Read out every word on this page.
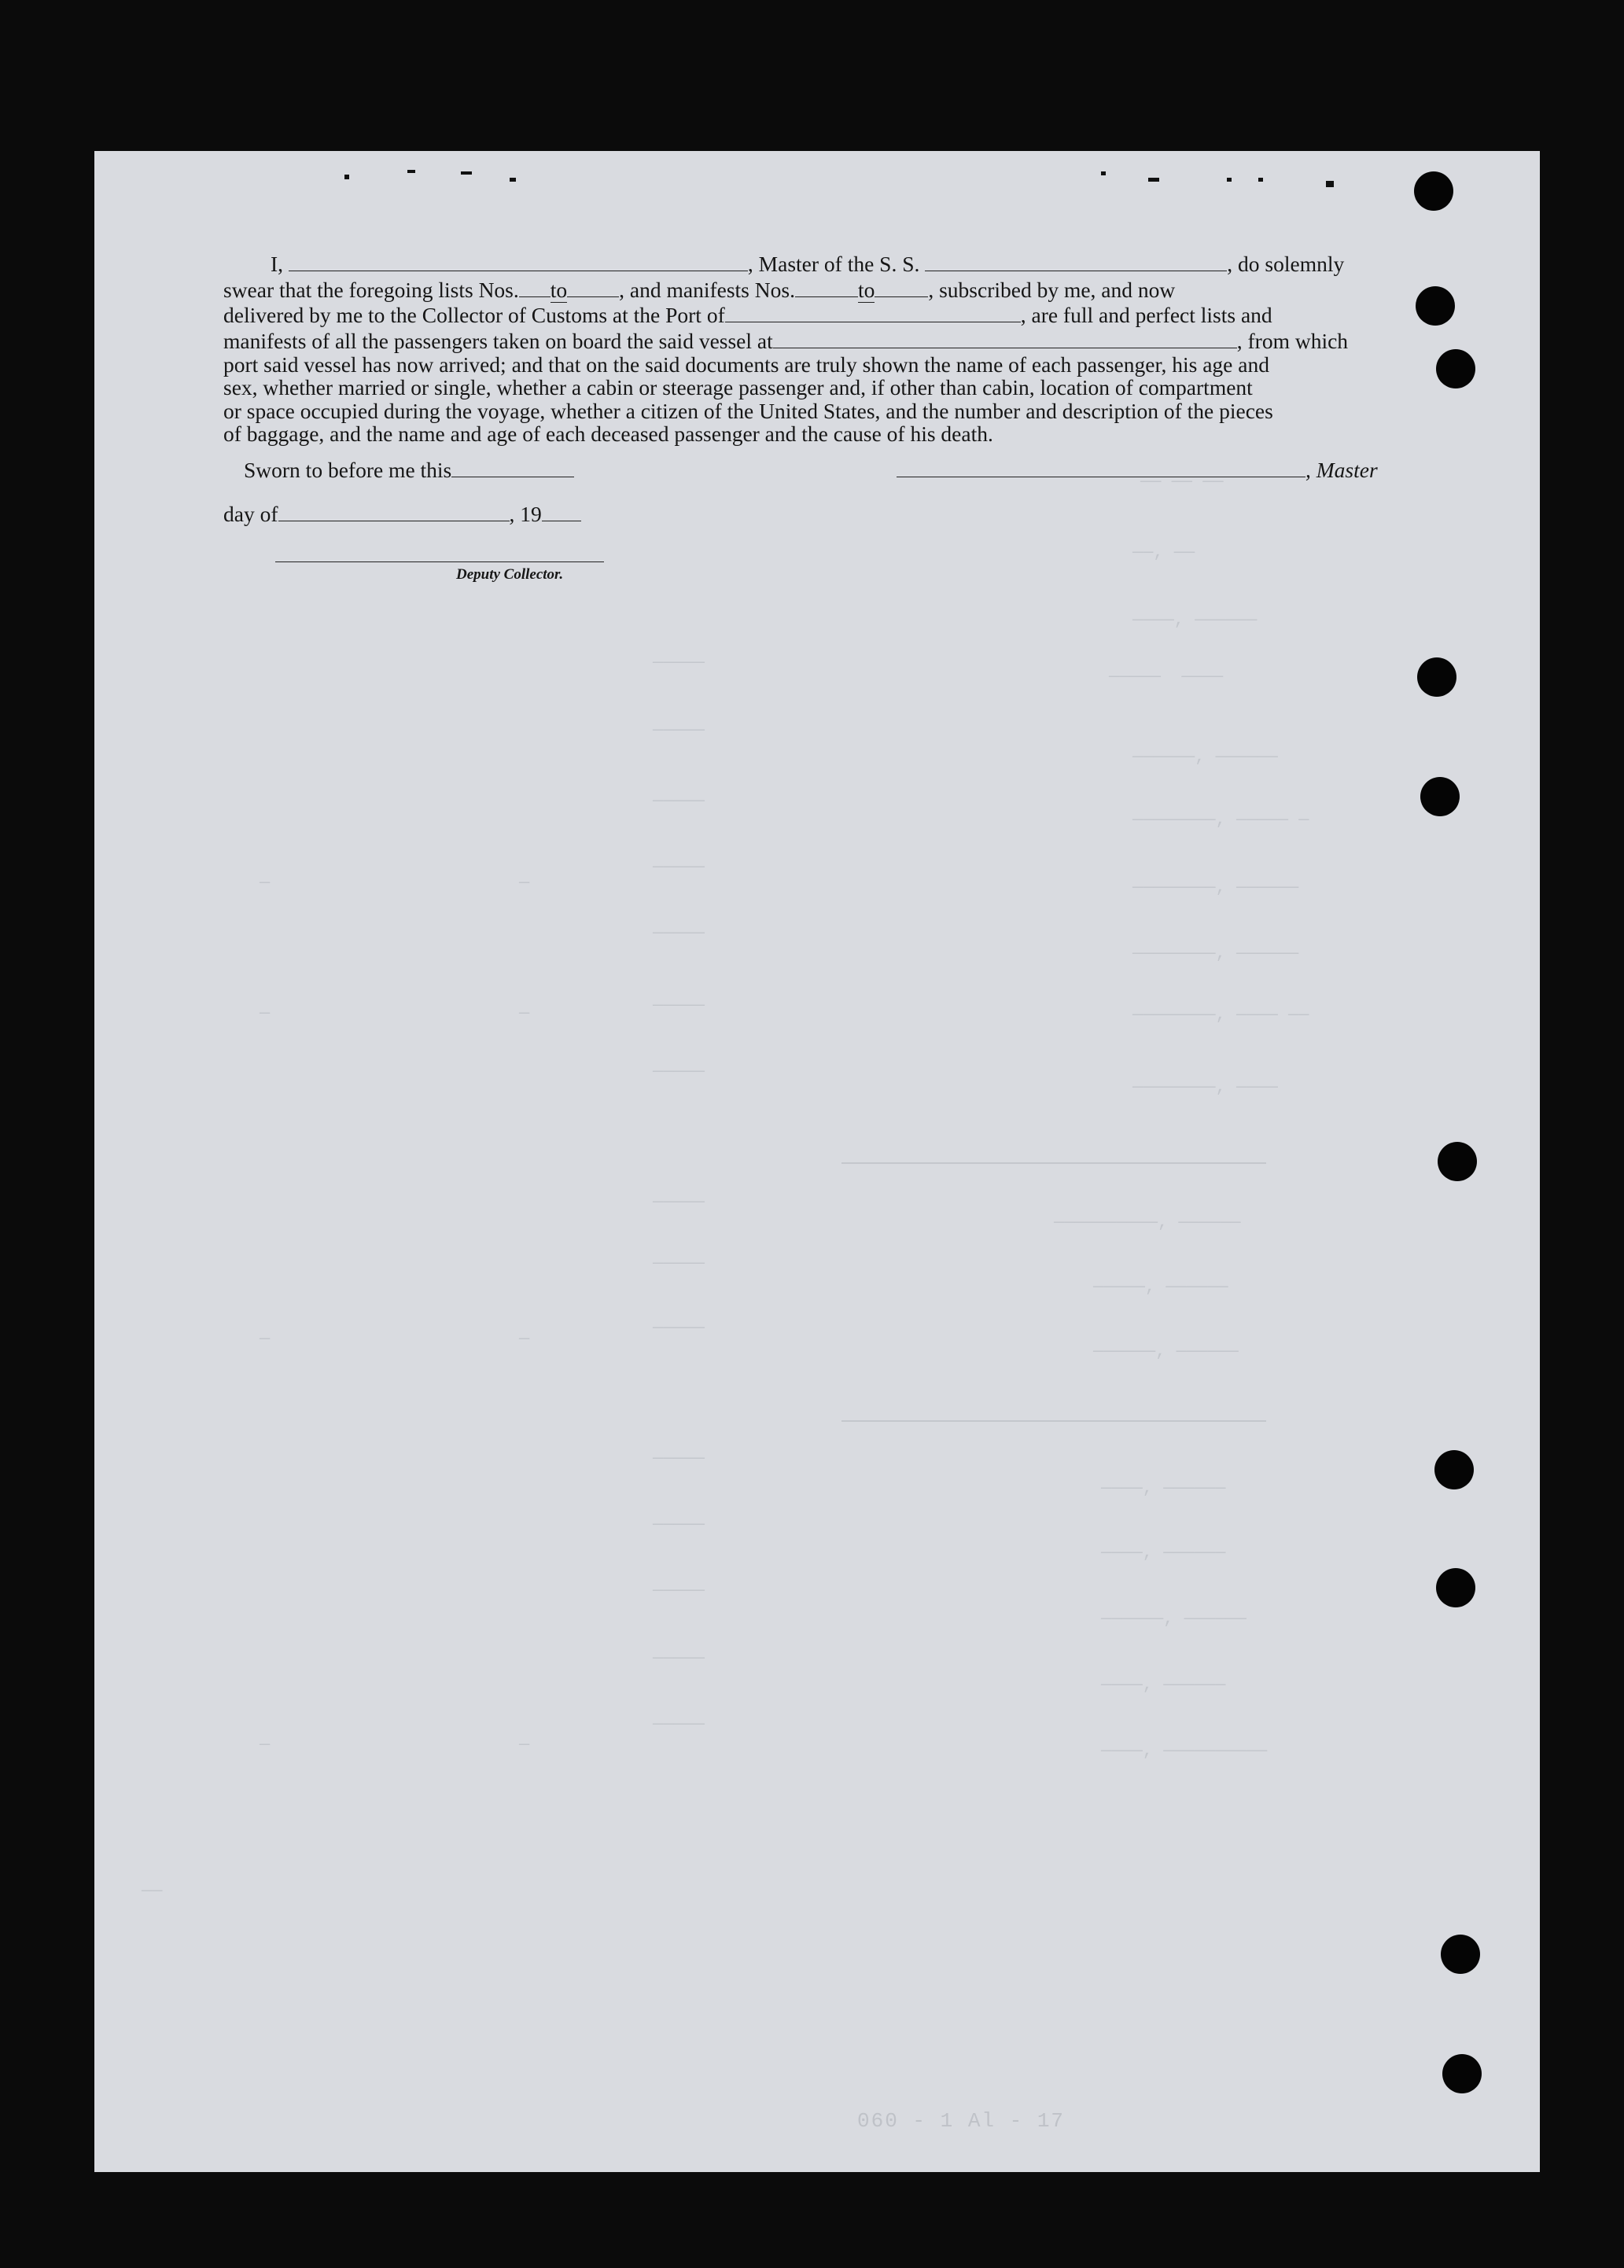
—— —— ——
——, ——
————, ——————
—————  ————
——————, ——————
————————, ————— —
————————, ——————
————————, ——————
————————, ———— ——
————————, ————
——————————, ——————
—————, ——————
——————, ——————
————, ——————
————, ——————
——————, ——————
————, ——————
————, ——————————
—————
—————
—————
—————
—————
—————
—————
—————
—————
—————
—————
—————
—————
—————
—————
—	—
—	—
—	—
—	—
——
I,	, Master of the S. S.	, do solemnly
swear that the foregoing lists Nos. to , and manifests Nos.	to , subscribed by me, and now
delivered by me to the Collector of Customs at the Port of	, are full and perfect lists and
manifests of all the passengers taken on board the said vessel at	, from which
port said vessel has now arrived; and that on the said documents are truly shown the name of each passenger, his age and
sex, whether married or single, whether a cabin or steerage passenger and, if other than cabin, location of compartment
or space occupied during the voyage, whether a citizen of the United States, and the number and description of the pieces
of baggage, and the name and age of each deceased passenger and the cause of his death.
Sworn to before me this	, Master
day of	, 19
Deputy Collector.
060 - 1 Al - 17
